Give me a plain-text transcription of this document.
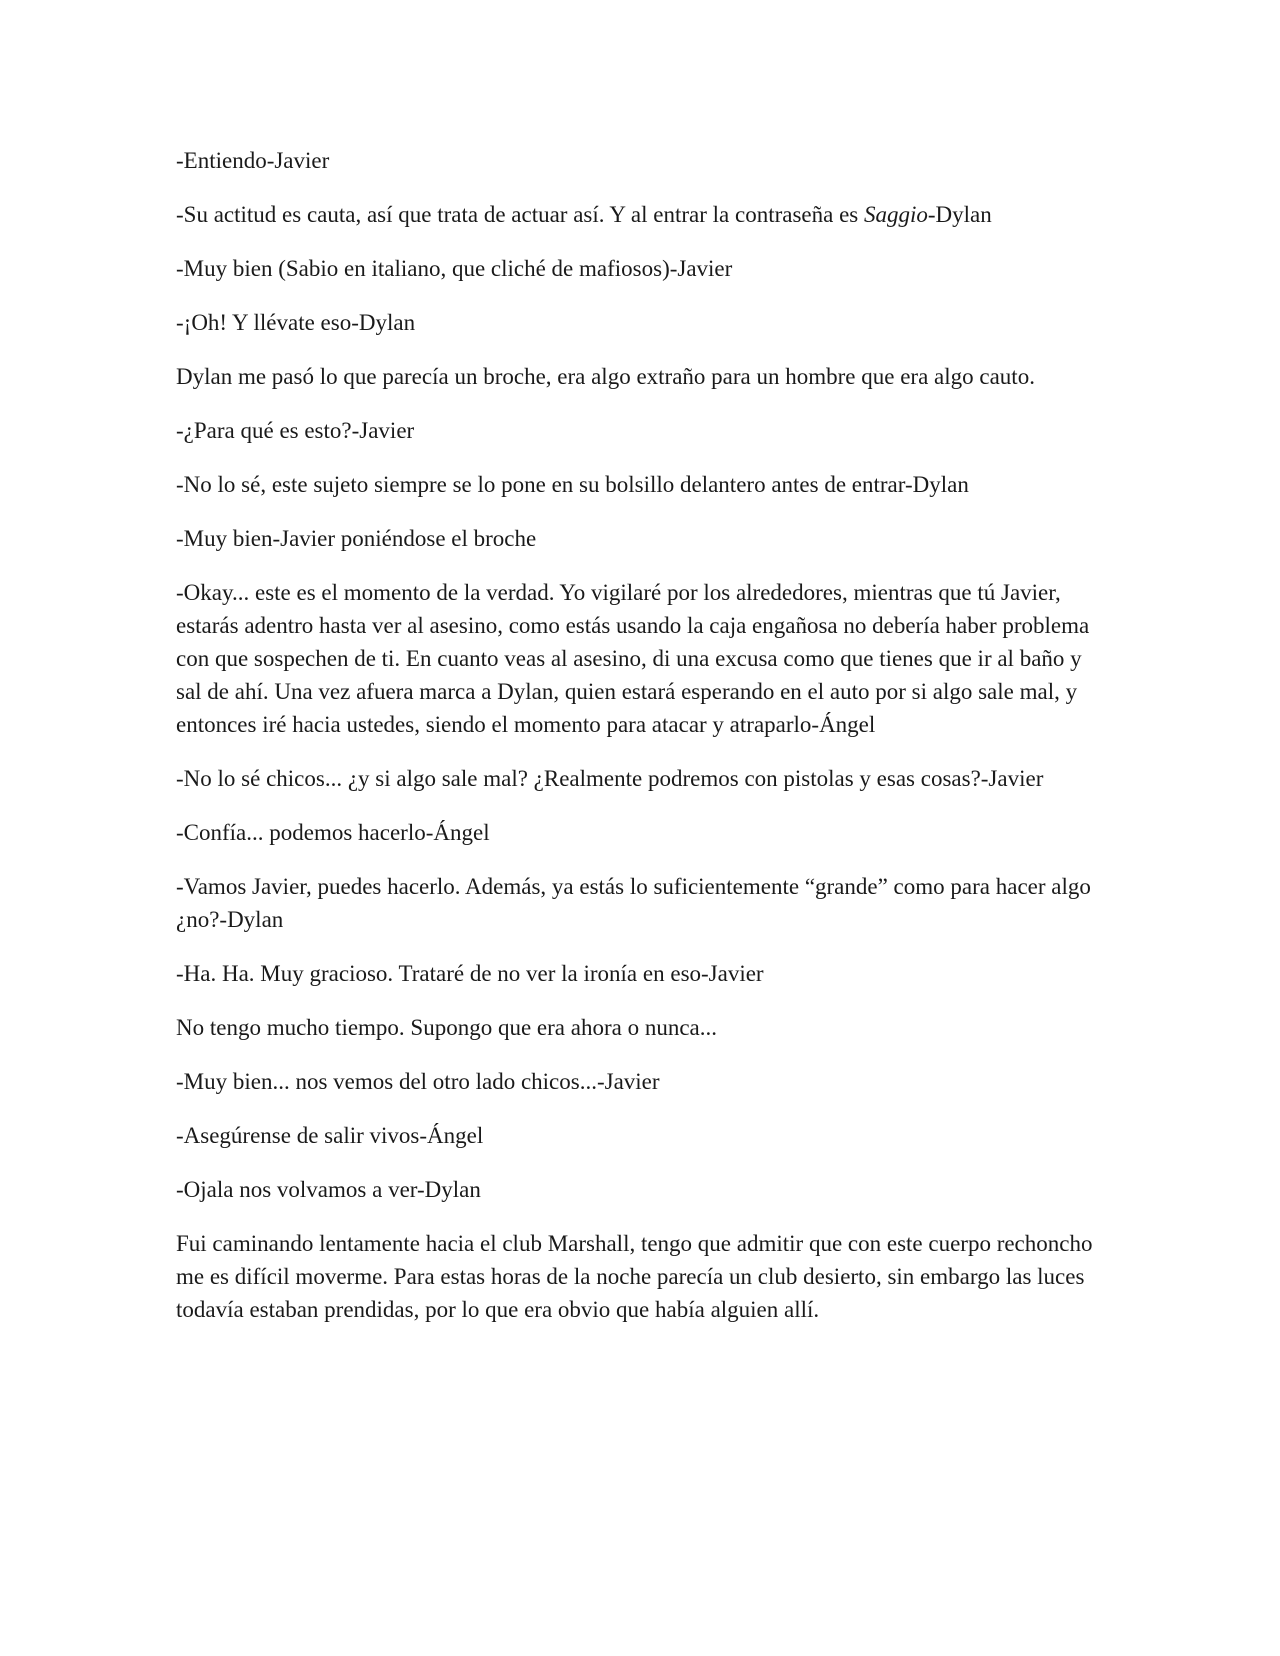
-Entiendo-Javier

-Su actitud es cauta, así que trata de actuar así. Y al entrar la contraseña es Saggio-Dylan

-Muy bien (Sabio en italiano, que cliché de mafiosos)-Javier

-¡Oh! Y llévate eso-Dylan

Dylan me pasó lo que parecía un broche, era algo extraño para un hombre que era algo cauto.

-¿Para qué es esto?-Javier

-No lo sé, este sujeto siempre se lo pone en su bolsillo delantero antes de entrar-Dylan

-Muy bien-Javier poniéndose el broche

-Okay... este es el momento de la verdad. Yo vigilaré por los alrededores, mientras que tú Javier, estarás adentro hasta ver al asesino, como estás usando la caja engañosa no debería haber problema con que sospechen de ti. En cuanto veas al asesino, di una excusa como que tienes que ir al baño y sal de ahí. Una vez afuera marca a Dylan, quien estará esperando en el auto por si algo sale mal, y entonces iré hacia ustedes, siendo el momento para atacar y atraparlo-Ángel

-No lo sé chicos... ¿y si algo sale mal? ¿Realmente podremos con pistolas y esas cosas?-Javier

-Confía... podemos hacerlo-Ángel

-Vamos Javier, puedes hacerlo. Además, ya estás lo suficientemente “grande” como para hacer algo ¿no?-Dylan

-Ha. Ha. Muy gracioso. Trataré de no ver la ironía en eso-Javier

No tengo mucho tiempo. Supongo que era ahora o nunca...

-Muy bien... nos vemos del otro lado chicos...-Javier

-Asegúrense de salir vivos-Ángel

-Ojala nos volvamos a ver-Dylan

Fui caminando lentamente hacia el club Marshall, tengo que admitir que con este cuerpo rechoncho me es difícil moverme. Para estas horas de la noche parecía un club desierto, sin embargo las luces todavía estaban prendidas, por lo que era obvio que había alguien allí.
